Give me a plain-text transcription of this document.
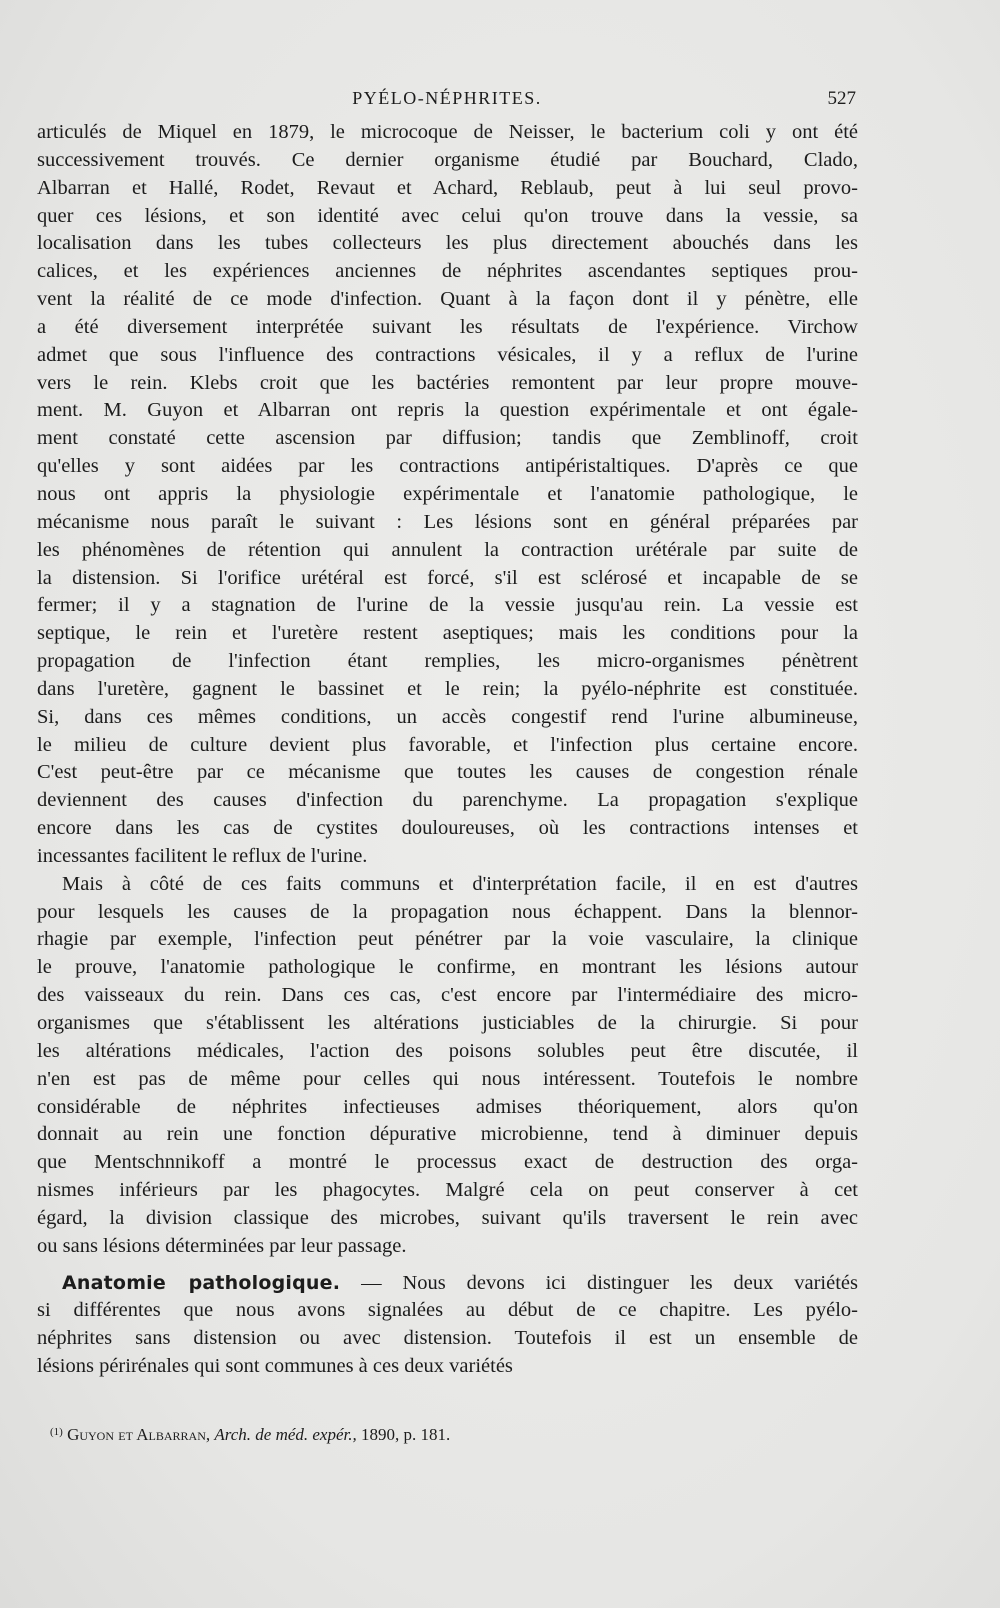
PYÉLO-NÉPHRITES.	527
articulés de Miquel en 1879, le microcoque de Neisser, le bacterium coli y ont été
successivement trouvés. Ce dernier organisme étudié par Bouchard, Clado,
Albarran et Hallé, Rodet, Revaut et Achard, Reblaub, peut à lui seul provo-
quer ces lésions, et son identité avec celui qu'on trouve dans la vessie, sa
localisation dans les tubes collecteurs les plus directement abouchés dans les
calices, et les expériences anciennes de néphrites ascendantes septiques prou-
vent la réalité de ce mode d'infection. Quant à la façon dont il y pénètre, elle
a été diversement interprétée suivant les résultats de l'expérience. Virchow
admet que sous l'influence des contractions vésicales, il y a reflux de l'urine
vers le rein. Klebs croit que les bactéries remontent par leur propre mouve-
ment. M. Guyon et Albarran ont repris la question expérimentale et ont égale-
ment constaté cette ascension par diffusion; tandis que Zemblinoff, croit
qu'elles y sont aidées par les contractions antipéristaltiques. D'après ce que
nous ont appris la physiologie expérimentale et l'anatomie pathologique, le
mécanisme nous paraît le suivant : Les lésions sont en général préparées par
les phénomènes de rétention qui annulent la contraction urétérale par suite de
la distension. Si l'orifice urétéral est forcé, s'il est sclérosé et incapable de se
fermer; il y a stagnation de l'urine de la vessie jusqu'au rein. La vessie est
septique, le rein et l'uretère restent aseptiques; mais les conditions pour la
propagation de l'infection étant remplies, les micro-organismes pénètrent
dans l'uretère, gagnent le bassinet et le rein; la pyélo-néphrite est constituée.
Si, dans ces mêmes conditions, un accès congestif rend l'urine albumineuse,
le milieu de culture devient plus favorable, et l'infection plus certaine encore.
C'est peut-être par ce mécanisme que toutes les causes de congestion rénale
deviennent des causes d'infection du parenchyme. La propagation s'explique
encore dans les cas de cystites douloureuses, où les contractions intenses et
incessantes facilitent le reflux de l'urine.
Mais à côté de ces faits communs et d'interprétation facile, il en est d'autres
pour lesquels les causes de la propagation nous échappent. Dans la blennor-
rhagie par exemple, l'infection peut pénétrer par la voie vasculaire, la clinique
le prouve, l'anatomie pathologique le confirme, en montrant les lésions autour
des vaisseaux du rein. Dans ces cas, c'est encore par l'intermédiaire des micro-
organismes que s'établissent les altérations justiciables de la chirurgie. Si pour
les altérations médicales, l'action des poisons solubles peut être discutée, il
n'en est pas de même pour celles qui nous intéressent. Toutefois le nombre
considérable de néphrites infectieuses admises théoriquement, alors qu'on
donnait au rein une fonction dépurative microbienne, tend à diminuer depuis
que Mentschnnikoff a montré le processus exact de destruction des orga-
nismes inférieurs par les phagocytes. Malgré cela on peut conserver à cet
égard, la division classique des microbes, suivant qu'ils traversent le rein avec
ou sans lésions déterminées par leur passage.
Anatomie pathologique. — Nous devons ici distinguer les deux variétés
si différentes que nous avons signalées au début de ce chapitre. Les pyélo-
néphrites sans distension ou avec distension. Toutefois il est un ensemble de
lésions périrénales qui sont communes à ces deux variétés
$^{(1)}$ Guyon et Albarran, Arch. de méd. expér., 1890, p. 181.
